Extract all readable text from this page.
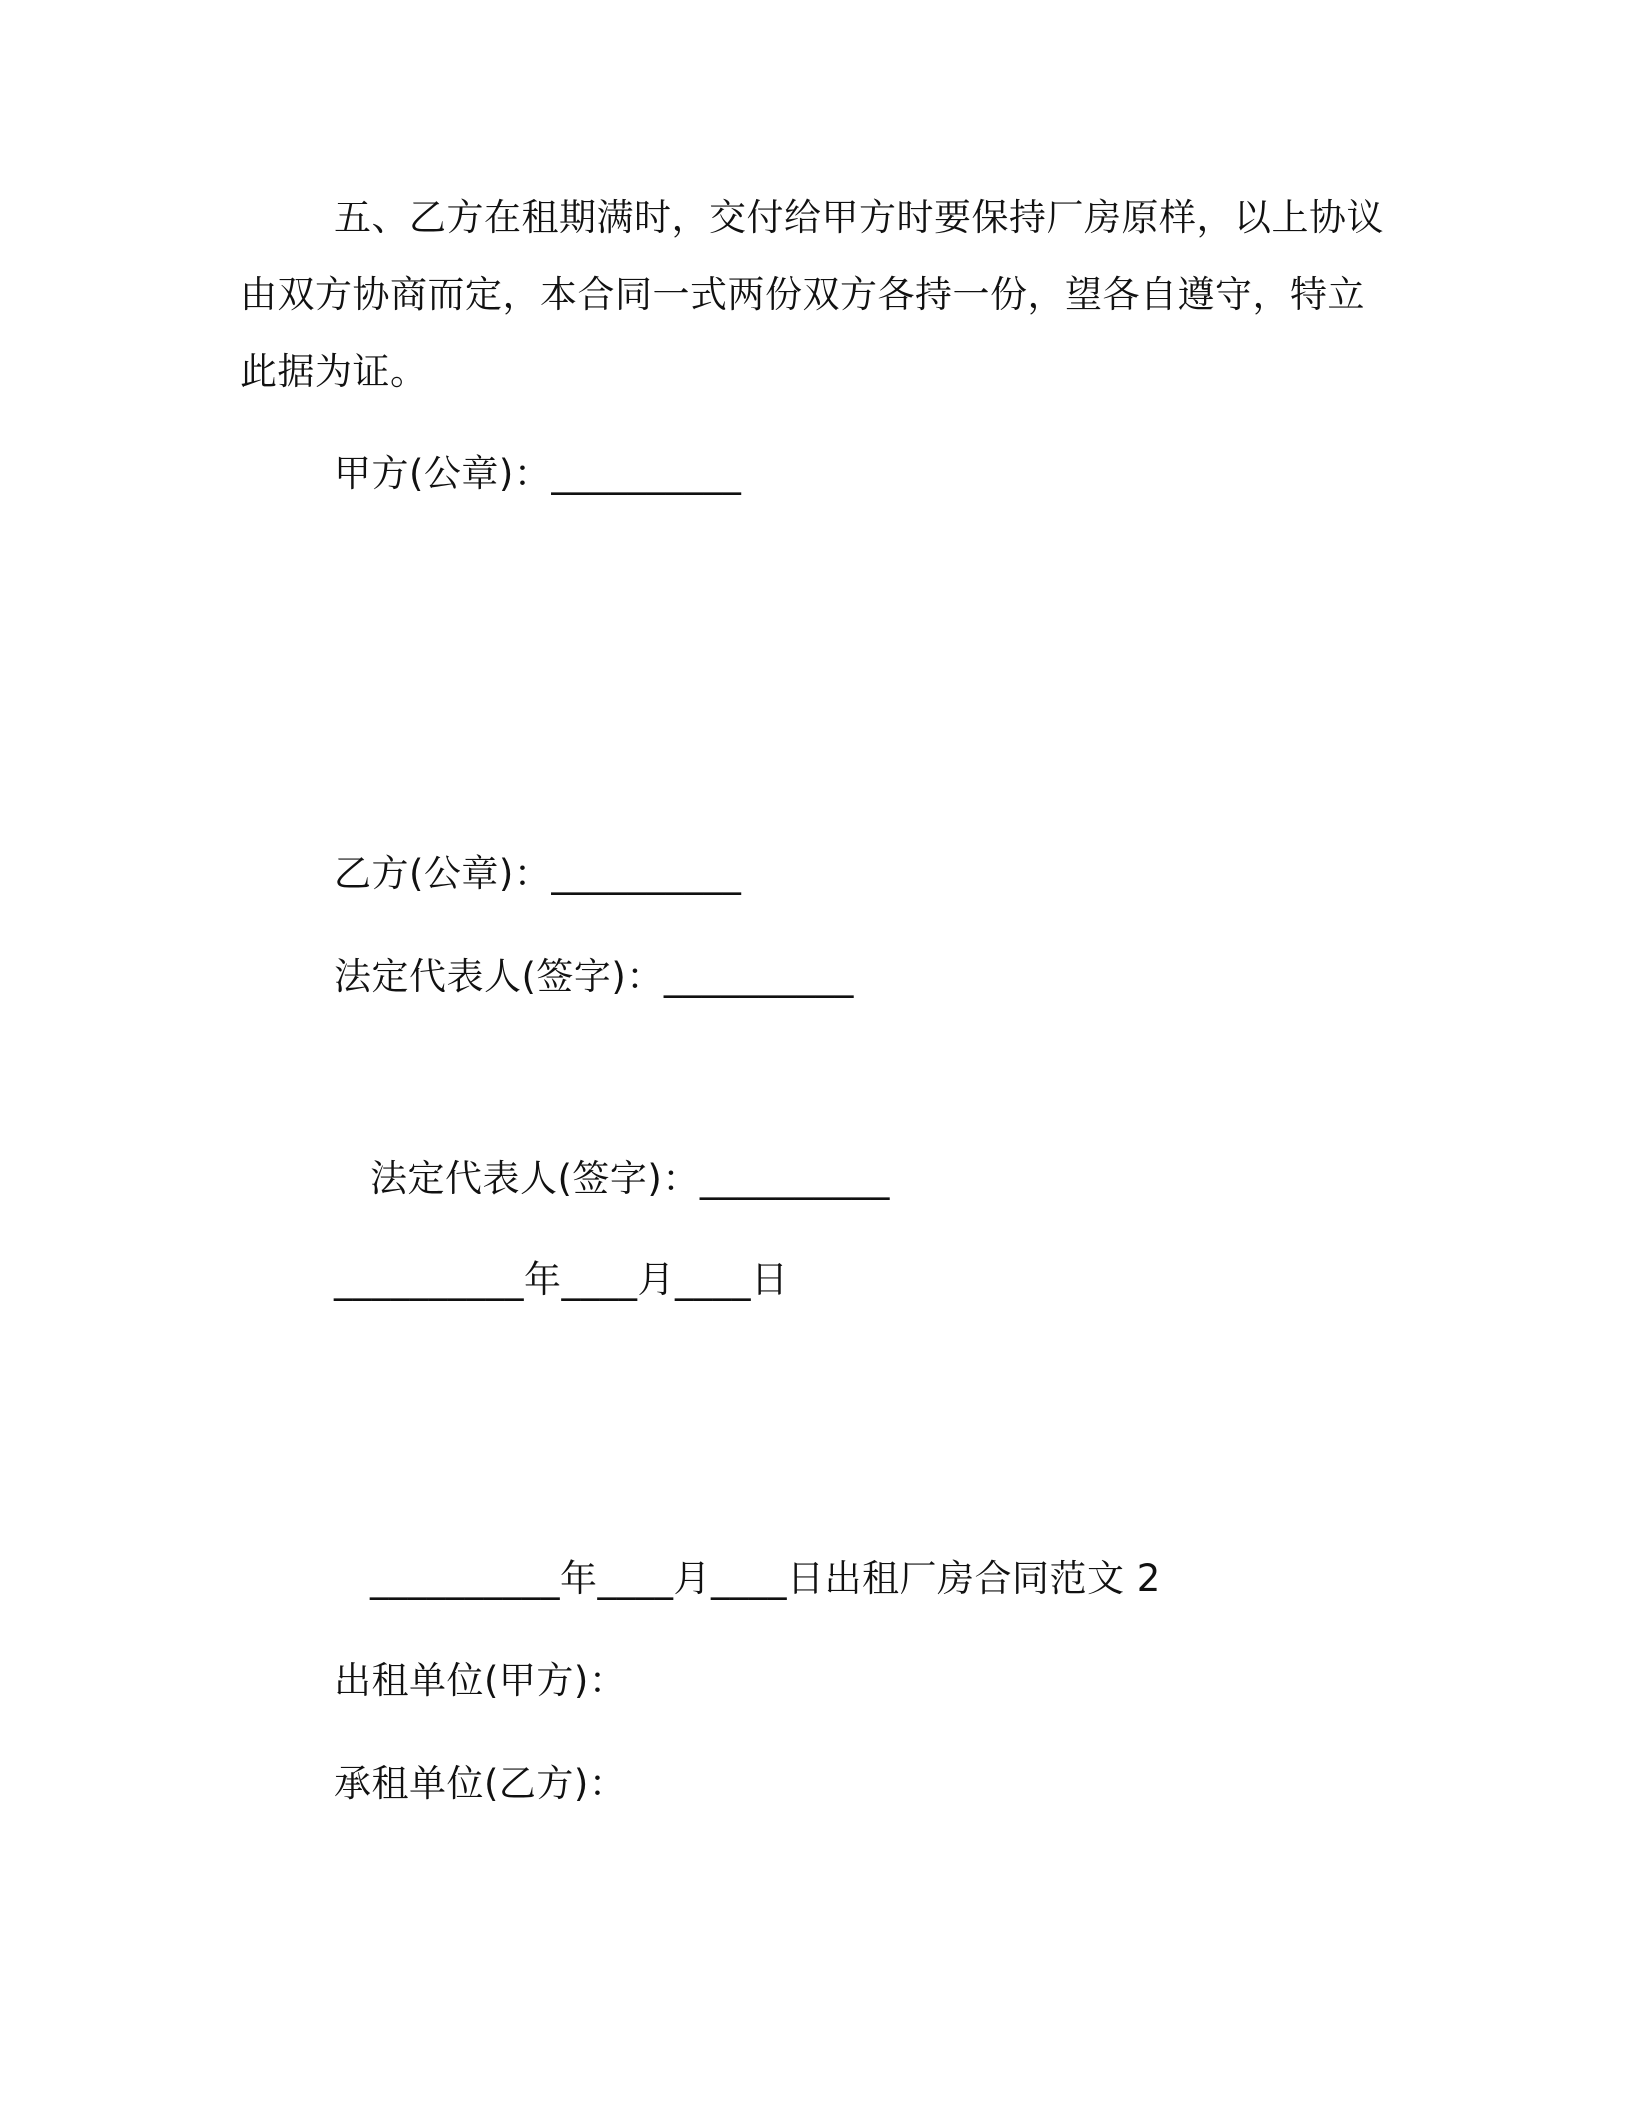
五、乙方在租期满时，交付给甲方时要保持厂房原样，以上协议

由双方协商而定，本合同一式两份双方各持一份，望各自遵守，特立

此据为证。

甲方(公章)：__________

乙方(公章)：__________

法定代表人(签字)：__________

法定代表人(签字)：__________

__________年____月____日

__________年____月____日出租厂房合同范文 2

出租单位(甲方)：

承租单位(乙方)：
